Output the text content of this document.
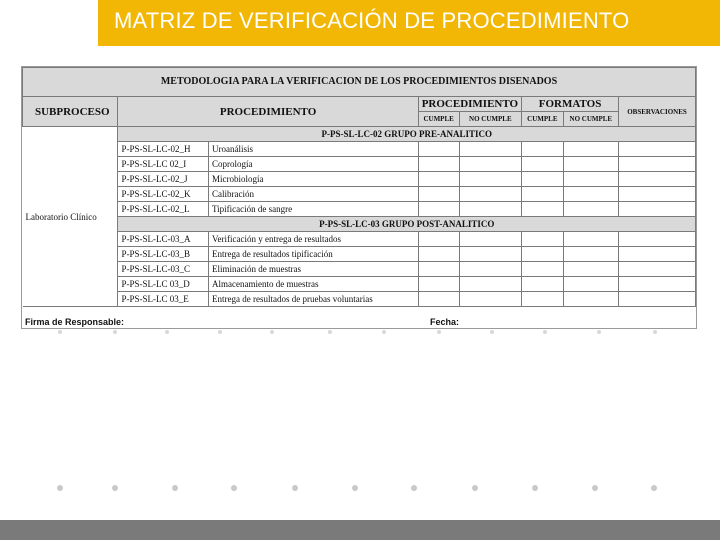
MATRIZ DE VERIFICACIÓN DE PROCEDIMIENTO
METODOLOGIA PARA LA VERIFICACION DE LOS PROCEDIMIENTOS DISENADOS							
SUBPROCESO	PROCEDIMIENTO		PROCEDIMIENTO		FORMATOS		OBSERVACIONES
			CUMPLE	NO CUMPLE	CUMPLE	NO CUMPLE	
Laboratorio Clínico	P-PS-SL-LC-02 GRUPO PRE-ANALITICO						
	P-PS-SL-LC-02_H	Uroanálisis					
	P-PS-SL-LC 02_I	Coprología					
	P-PS-SL-LC-02_J	Microbiología					
	P-PS-SL-LC-02_K	Calibración					
	P-PS-SL-LC-02_L	Tipificación de sangre					
	P-PS-SL-LC-03 GRUPO POST-ANALITICO						
	P-PS-SL-LC-03_A	Verificación y entrega de resultados					
	P-PS-SL-LC-03_B	Entrega de resultados tipificación					
	P-PS-SL-LC-03_C	Eliminación de muestras					
	P-PS-SL-LC 03_D	Almacenamiento de muestras					
	P-PS-SL-LC 03_E	Entrega de resultados de pruebas voluntarias					
Firma de Responsable:	Fecha:
